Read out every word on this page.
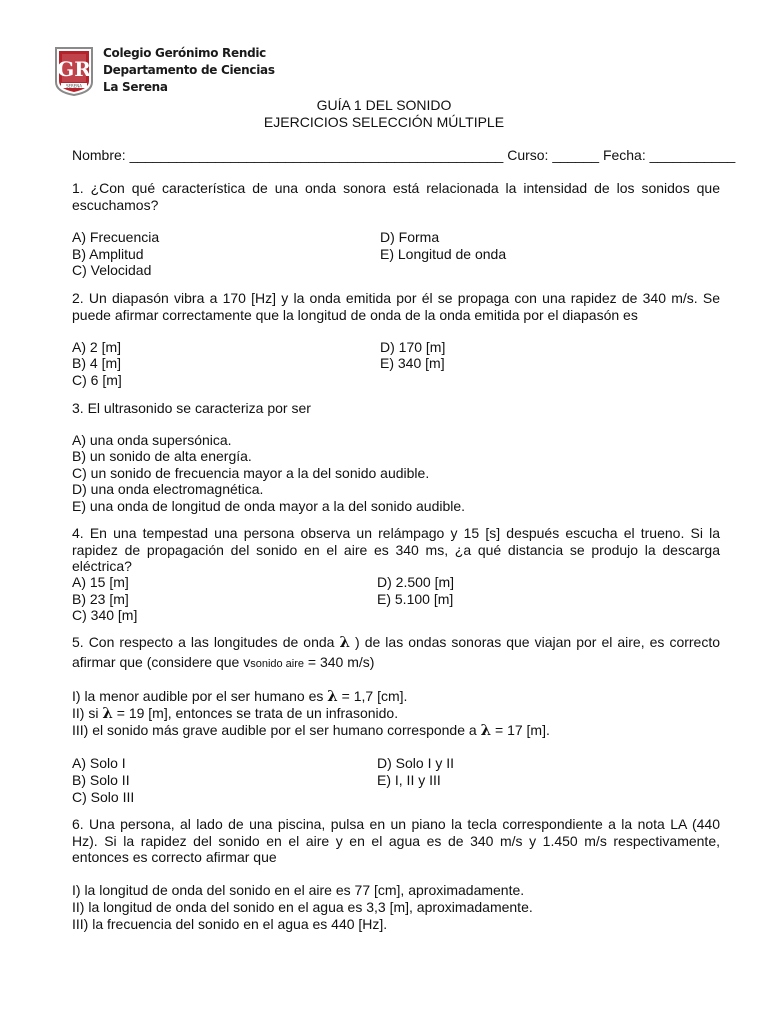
GR
SERENA
Colegio Gerónimo Rendic
Departamento de Ciencias
La Serena
GUÍA 1 DEL SONIDO
EJERCICIOS SELECCIÓN MÚLTIPLE
Nombre: ________________________________________________ Curso: ______ Fecha: ___________
1. ¿Con qué característica de una onda sonora está relacionada la intensidad de los sonidos que escuchamos?
A) Frecuencia
B) Amplitud
C) Velocidad
D) Forma
E) Longitud de onda
2. Un diapasón vibra a 170 [Hz] y la onda emitida por él se propaga con una rapidez de 340 m/s. Se puede afirmar correctamente que la longitud de onda de la onda emitida por el diapasón es
A) 2 [m]
B) 4 [m]
C) 6 [m]
D) 170 [m]
E) 340 [m]
3. El ultrasonido se caracteriza por ser
A) una onda supersónica.
B) un sonido de alta energía.
C) un sonido de frecuencia mayor a la del sonido audible.
D) una onda electromagnética.
E) una onda de longitud de onda mayor a la del sonido audible.
4. En una tempestad una persona observa un relámpago y 15 [s] después escucha el trueno. Si la rapidez de propagación del sonido en el aire es 340 ms, ¿a qué distancia se produjo la descarga eléctrica?
A) 15 [m]
B) 23 [m]
C) 340 [m]
D) 2.500 [m]
E) 5.100 [m]
5. Con respecto a las longitudes de onda λ ) de las ondas sonoras que viajan por el aire, es correcto
afirmar que (considere que vsonido aire = 340 m/s)
I) la menor audible por el ser humano es λ = 1,7 [cm].
II) si λ = 19 [m], entonces se trata de un infrasonido.
III) el sonido más grave audible por el ser humano corresponde a λ = 17 [m].
A) Solo I
B) Solo II
C) Solo III
D) Solo I y II
E) I, II y III
6. Una persona, al lado de una piscina, pulsa en un piano la tecla correspondiente a la nota LA (440 Hz). Si la rapidez del sonido en el aire y en el agua es de 340 m/s y 1.450 m/s respectivamente, entonces es correcto afirmar que
I) la longitud de onda del sonido en el aire es 77 [cm], aproximadamente.
II) la longitud de onda del sonido en el agua es 3,3 [m], aproximadamente.
III) la frecuencia del sonido en el agua es 440 [Hz].
